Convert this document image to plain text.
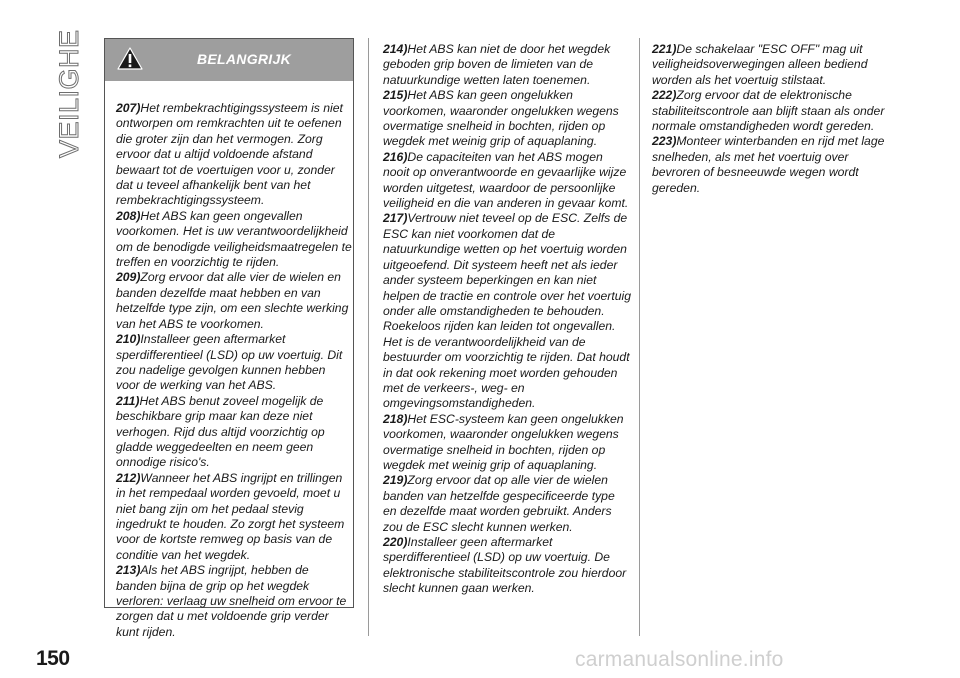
VEILIGHEID	BELANGRIJK

207)Het rembekrachtigingssysteem is niet ontworpen om remkrachten uit te oefenen die groter zijn dan het vermogen. Zorg ervoor dat u altijd voldoende afstand bewaart tot de voertuigen voor u, zonder dat u teveel afhankelijk bent van het rembekrachtigingssysteem.

208)Het ABS kan geen ongevallen voorkomen. Het is uw verantwoordelijkheid om de benodigde veiligheidsmaatregelen te treffen en voorzichtig te rijden.

209)Zorg ervoor dat alle vier de wielen en banden dezelfde maat hebben en van hetzelfde type zijn, om een slechte werking van het ABS te voorkomen.

210)Installeer geen aftermarket sperdifferentieel (LSD) op uw voertuig. Dit zou nadelige gevolgen kunnen hebben voor de werking van het ABS.

211)Het ABS benut zoveel mogelijk de beschikbare grip maar kan deze niet verhogen. Rijd dus altijd voorzichtig op gladde weggedeelten en neem geen onnodige risico's.

212)Wanneer het ABS ingrijpt en trillingen in het rempedaal worden gevoeld, moet u niet bang zijn om het pedaal stevig ingedrukt te houden. Zo zorgt het systeem voor de kortste remweg op basis van de conditie van het wegdek.

213)Als het ABS ingrijpt, hebben de banden bijna de grip op het wegdek verloren: verlaag uw snelheid om ervoor te zorgen dat u met voldoende grip verder kunt rijden.

214)Het ABS kan niet de door het wegdek geboden grip boven de limieten van de natuurkundige wetten laten toenemen.

215)Het ABS kan geen ongelukken voorkomen, waaronder ongelukken wegens overmatige snelheid in bochten, rijden op wegdek met weinig grip of aquaplaning.

216)De capaciteiten van het ABS mogen nooit op onverantwoorde en gevaarlijke wijze worden uitgetest, waardoor de persoonlijke veiligheid en die van anderen in gevaar komt.

217)Vertrouw niet teveel op de ESC. Zelfs de ESC kan niet voorkomen dat de natuurkundige wetten op het voertuig worden uitgeoefend. Dit systeem heeft net als ieder ander systeem beperkingen en kan niet helpen de tractie en controle over het voertuig onder alle omstandigheden te behouden. Roekeloos rijden kan leiden tot ongevallen. Het is de verantwoordelijkheid van de bestuurder om voorzichtig te rijden. Dat houdt in dat ook rekening moet worden gehouden met de verkeers-, weg- en omgevingsomstandigheden.

218)Het ESC-systeem kan geen ongelukken voorkomen, waaronder ongelukken wegens overmatige snelheid in bochten, rijden op wegdek met weinig grip of aquaplaning.

219)Zorg ervoor dat op alle vier de wielen banden van hetzelfde gespecificeerde type en dezelfde maat worden gebruikt. Anders zou de ESC slecht kunnen werken.

220)Installeer geen aftermarket sperdifferentieel (LSD) op uw voertuig. De elektronische stabiliteitscontrole zou hierdoor slecht kunnen gaan werken.

221)De schakelaar "ESC OFF" mag uit veiligheidsoverwegingen alleen bediend worden als het voertuig stilstaat.

222)Zorg ervoor dat de elektronische stabiliteitscontrole aan blijft staan als onder normale omstandigheden wordt gereden.

223)Monteer winterbanden en rijd met lage snelheden, als met het voertuig over bevroren of besneeuwde wegen wordt gereden.

150	carmanualsonline.info
